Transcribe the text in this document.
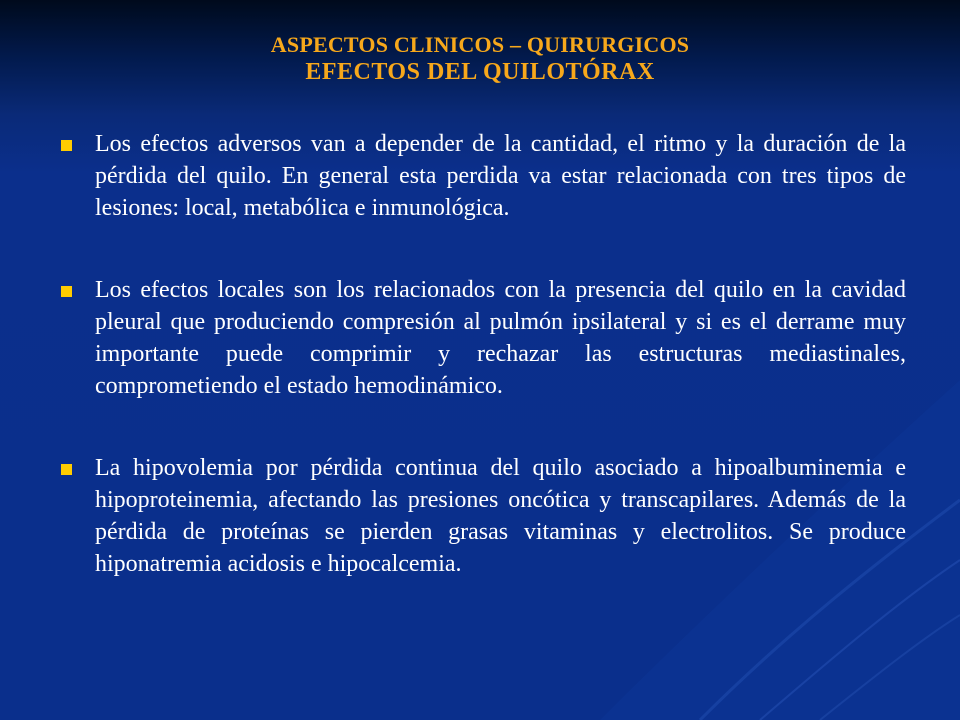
ASPECTOS CLINICOS – QUIRURGICOS
EFECTOS DEL QUILOTÓRAX
Los efectos adversos van a depender de la cantidad, el ritmo y la duración de la pérdida del quilo. En general esta perdida va estar relacionada con tres tipos de lesiones: local, metabólica e inmunológica.
Los efectos locales son los relacionados con la presencia del quilo en la cavidad pleural que produciendo compresión al pulmón ipsilateral y si es el derrame muy importante puede comprimir y rechazar las estructuras mediastinales, comprometiendo el estado hemodinámico.
La hipovolemia por pérdida continua del quilo asociado a hipoalbuminemia e hipoproteinemia, afectando las presiones oncótica y transcapilares. Además de la pérdida de proteínas se pierden grasas vitaminas y electrolitos. Se produce hiponatremia acidosis e hipocalcemia.
